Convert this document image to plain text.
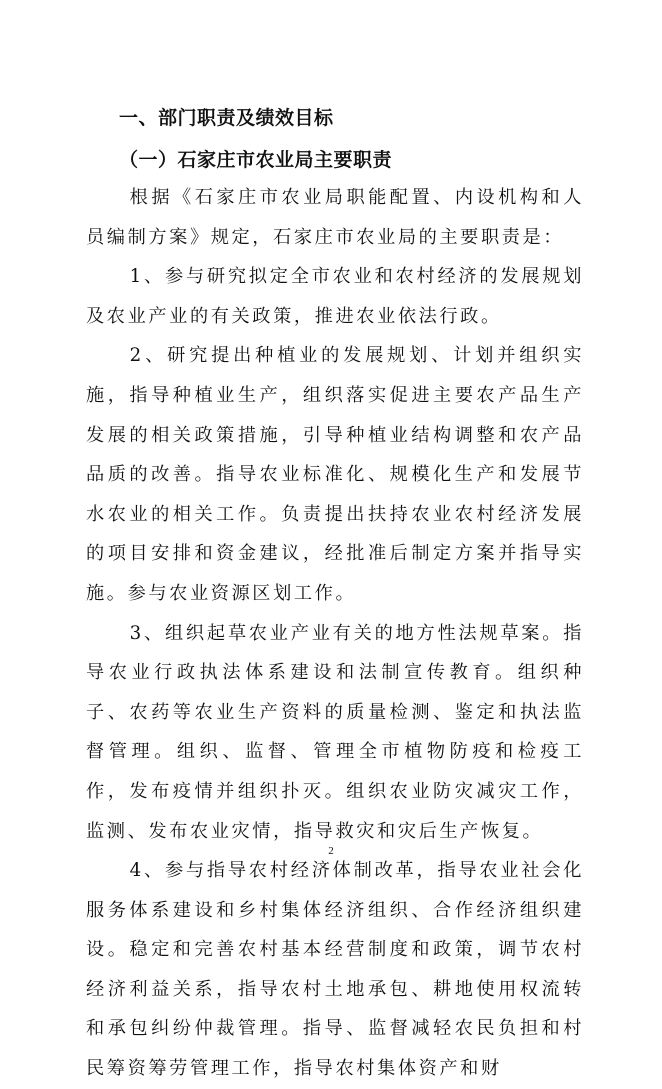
一、部门职责及绩效目标
（一）石家庄市农业局主要职责

根据《石家庄市农业局职能配置、内设机构和人员编制方案》规定，石家庄市农业局的主要职责是：

1、参与研究拟定全市农业和农村经济的发展规划及农业产业的有关政策，推进农业依法行政。

2、研究提出种植业的发展规划、计划并组织实施，指导种植业生产，组织落实促进主要农产品生产发展的相关政策措施，引导种植业结构调整和农产品品质的改善。指导农业标准化、规模化生产和发展节水农业的相关工作。负责提出扶持农业农村经济发展的项目安排和资金建议，经批准后制定方案并指导实施。参与农业资源区划工作。

3、组织起草农业产业有关的地方性法规草案。指导农业行政执法体系建设和法制宣传教育。组织种子、农药等农业生产资料的质量检测、鉴定和执法监督管理。组织、监督、管理全市植物防疫和检疫工作，发布疫情并组织扑灭。组织农业防灾减灾工作，监测、发布农业灾情，指导救灾和灾后生产恢复。

4、参与指导农村经济体制改革，指导农业社会化服务体系建设和乡村集体经济组织、合作经济组织建设。稳定和完善农村基本经营制度和政策，调节农村经济利益关系，指导农村土地承包、耕地使用权流转和承包纠纷仲裁管理。指导、监督减轻农民负担和村民筹资筹劳管理工作，指导农村集体资产和财

2
